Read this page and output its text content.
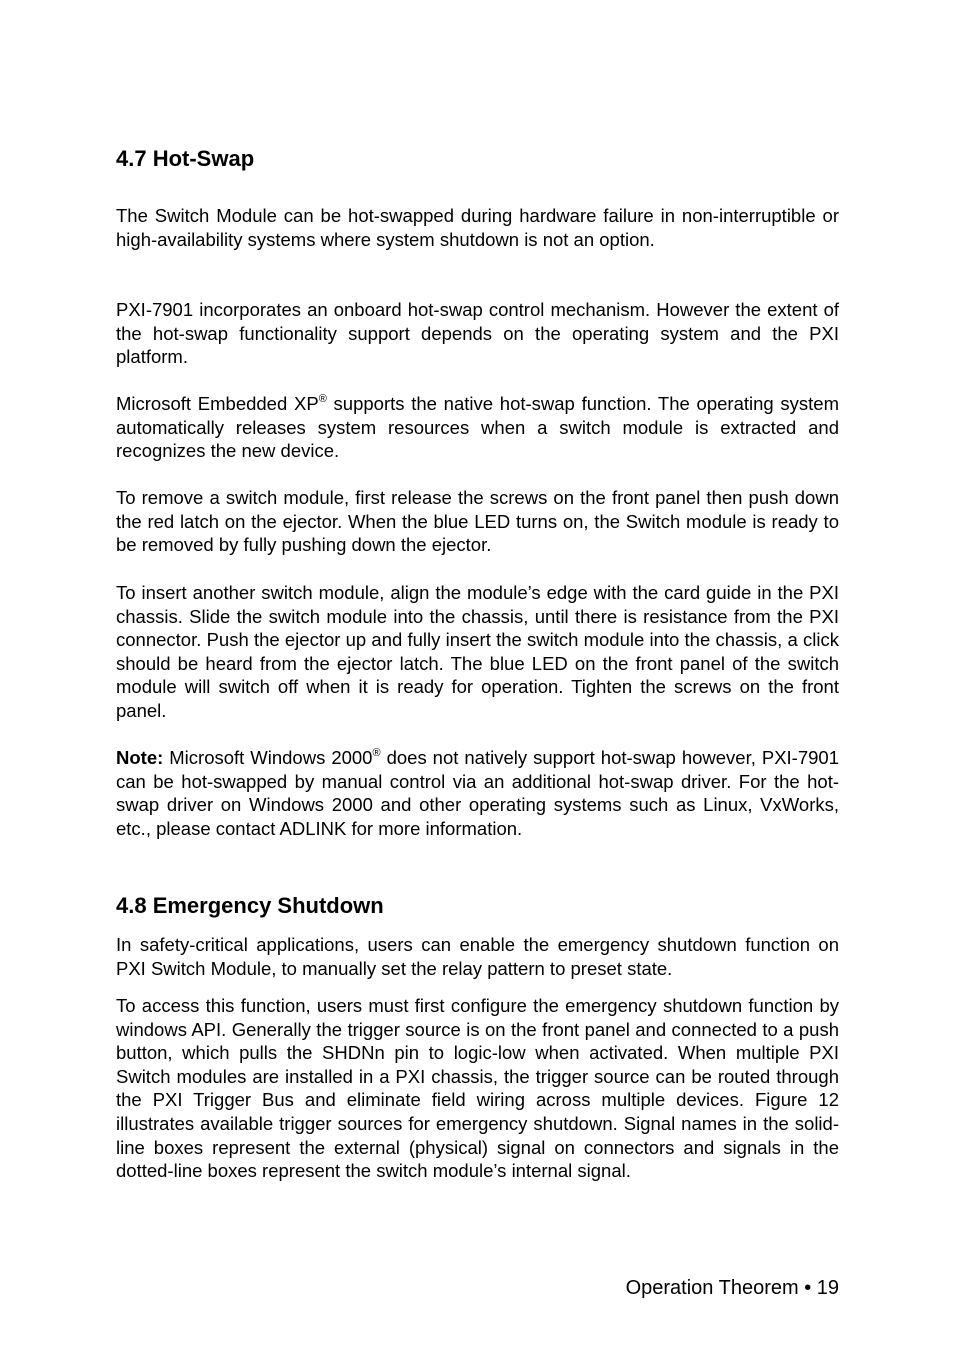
4.7 Hot-Swap

The Switch Module can be hot-swapped during hardware failure in non-interruptible or high-availability systems where system shutdown is not an option.

PXI-7901 incorporates an onboard hot-swap control mechanism. However the extent of the hot-swap functionality support depends on the operating system and the PXI platform.

Microsoft Embedded XP® supports the native hot-swap function. The operating system automatically releases system resources when a switch module is extracted and recognizes the new device.

To remove a switch module, first release the screws on the front panel then push down the red latch on the ejector. When the blue LED turns on, the Switch module is ready to be removed by fully pushing down the ejector.

To insert another switch module, align the module’s edge with the card guide in the PXI chassis. Slide the switch module into the chassis, until there is resistance from the PXI connector. Push the ejector up and fully insert the switch module into the chassis, a click should be heard from the ejector latch. The blue LED on the front panel of the switch module will switch off when it is ready for operation. Tighten the screws on the front panel.

Note: Microsoft Windows 2000® does not natively support hot-swap however, PXI-7901 can be hot-swapped by manual control via an additional hot-swap driver. For the hot-swap driver on Windows 2000 and other operating systems such as Linux, VxWorks, etc., please contact ADLINK for more information.

4.8 Emergency Shutdown

In safety-critical applications, users can enable the emergency shutdown function on PXI Switch Module, to manually set the relay pattern to preset state.

To access this function, users must first configure the emergency shutdown function by windows API. Generally the trigger source is on the front panel and connected to a push button, which pulls the SHDNn pin to logic-low when activated. When multiple PXI Switch modules are installed in a PXI chassis, the trigger source can be routed through the PXI Trigger Bus and eliminate field wiring across multiple devices. Figure 12 illustrates available trigger sources for emergency shutdown. Signal names in the solid-line boxes represent the external (physical) signal on connectors and signals in the dotted-line boxes represent the switch module’s internal signal.

Operation Theorem • 19
